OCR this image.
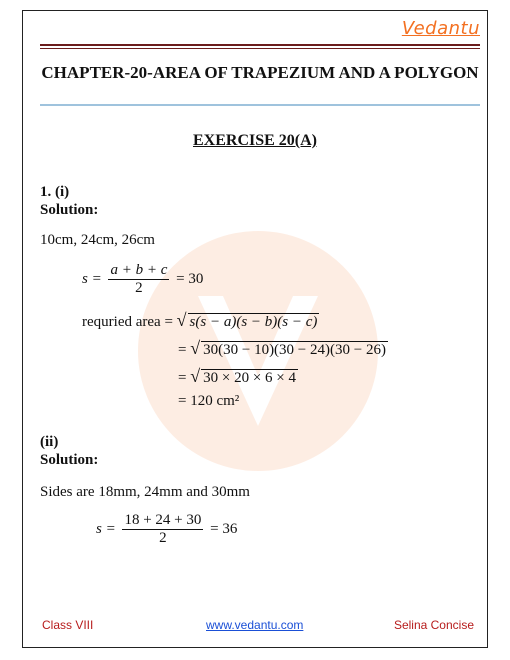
Vedantu
CHAPTER-20-AREA OF TRAPEZIUM AND A POLYGON
EXERCISE 20(A)
1. (i)
Solution:
10cm, 24cm, 26cm
$s = \frac{a + b + c}{2} = 30$
requried area = √ s(s − a)(s − b)(s − c)
= √ 30(30 − 10)(30 − 24)(30 − 26)
= √ 30 × 20 × 6 × 4
= 120 cm²
(ii)
Solution:
Sides are 18mm, 24mm and 30mm
$s = \frac{18 + 24 + 30}{2} = 36$
Class VIII	www.vedantu.com	Selina Concise
